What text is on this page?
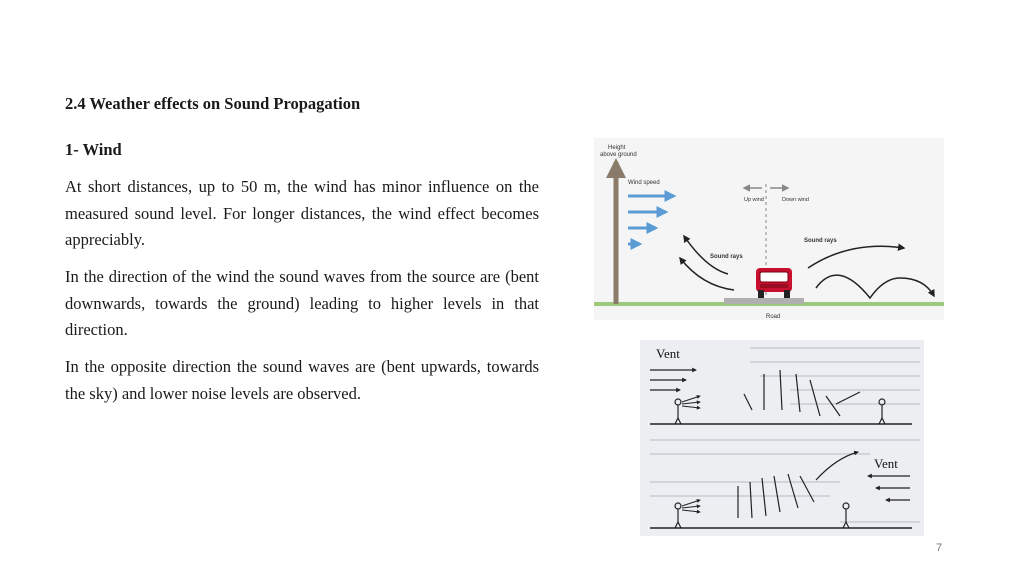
2.4 Weather effects on Sound Propagation
1- Wind

At short distances, up to 50 m, the wind has minor influence on the measured sound level. For longer distances, the wind effect becomes appreciably.

In the direction of the wind the sound waves from the source are (bent downwards, towards the ground) leading to higher levels in that direction.

In the opposite direction the sound waves are (bent upwards, towards the sky) and lower noise levels are observed.

Road
Height
above ground
Wind speed
Up wind	Down wind
Sound rays
Sound rays
Vent
Vent
7
